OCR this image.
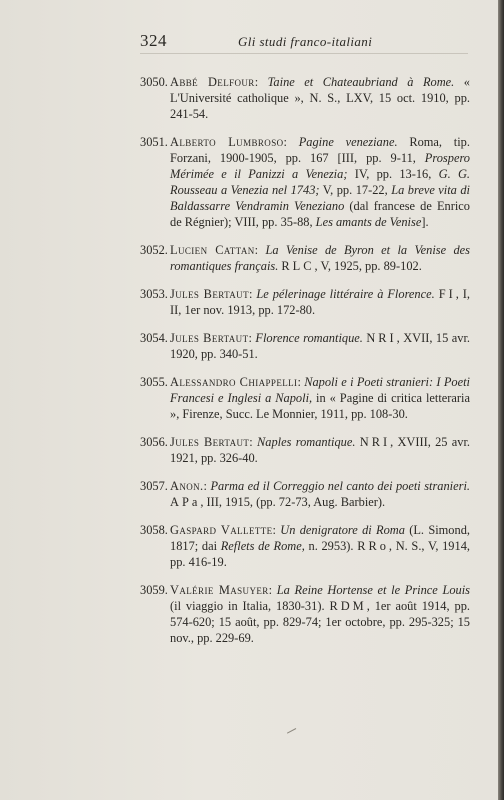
324	Gli studi franco-italiani
3050. Abbé Delfour: Taine et Chateaubriand à Rome. « L'Université catholique », N. S., LXV, 15 oct. 1910, pp. 241-54.
3051. Alberto Lumbroso: Pagine veneziane. Roma, tip. Forzani, 1900-1905, pp. 167 [III, pp. 9-11, Prospero Mérimée e il Panizzi a Venezia; IV, pp. 13-16, G. G. Rousseau a Venezia nel 1743; V, pp. 17-22, La breve vita di Baldassarre Vendramin Veneziano (dal francese de Enrico de Régnier); VIII, pp. 35-88, Les amants de Venise].
3052. Lucien Cattan: La Venise de Byron et la Venise des romantiques français. RLC, V, 1925, pp. 89-102.
3053. Jules Bertaut: Le pélerinage littéraire à Florence. FI, I, II, 1er nov. 1913, pp. 172-80.
3054. Jules Bertaut: Florence romantique. NRI, XVII, 15 avr. 1920, pp. 340-51.
3055. Alessandro Chiappelli: Napoli e i Poeti stranieri: I Poeti Francesi e Inglesi a Napoli, in « Pagine di critica letteraria », Firenze, Succ. Le Monnier, 1911, pp. 108-30.
3056. Jules Bertaut: Naples romantique. NRI, XVIII, 25 avr. 1921, pp. 326-40.
3057. Anon.: Parma ed il Correggio nel canto dei poeti stranieri. APa, III, 1915, (pp. 72-73, Aug. Barbier).
3058. Gaspard Vallette: Un denigratore di Roma (L. Simond, 1817; dai Reflets de Rome, n. 2953). RRo, N. S., V, 1914, pp. 416-19.
3059. Valérie Masuyer: La Reine Hortense et le Prince Louis (il viaggio in Italia, 1830-31). RDM, 1er août 1914, pp. 574-620; 15 août, pp. 829-74; 1er octobre, pp. 295-325; 15 nov., pp. 229-69.
